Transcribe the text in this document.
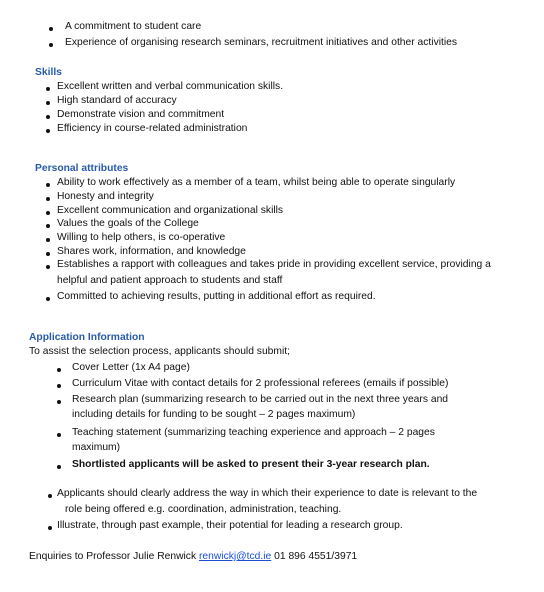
A commitment to student care
Experience of organising research seminars, recruitment initiatives and other activities
Skills
Excellent written and verbal communication skills.
High standard of accuracy
Demonstrate vision and commitment
Efficiency in course-related administration
Personal attributes
Ability to work effectively as a member of a team, whilst being able to operate singularly
Honesty and integrity
Excellent communication and organizational skills
Values the goals of the College
Willing to help others, is co-operative
Shares work, information, and knowledge
Establishes a rapport with colleagues and takes pride in providing excellent service, providing a
helpful and patient approach to students and staff
Committed to achieving results, putting in additional effort as required.
Application Information
To assist the selection process, applicants should submit;
Cover Letter (1x A4 page)
Curriculum Vitae with contact details for 2 professional referees (emails if possible)
Research plan (summarizing research to be carried out in the next three years and
including details for funding to be sought – 2 pages maximum)
Teaching statement (summarizing teaching experience and approach – 2 pages
maximum)
Shortlisted applicants will be asked to present their 3-year research plan.
Applicants should clearly address the way in which their experience to date is relevant to the
role being offered e.g. coordination, administration, teaching.
Illustrate, through past example, their potential for leading a research group.
Enquiries to Professor Julie Renwick renwickj@tcd.ie 01 896 4551/3971
